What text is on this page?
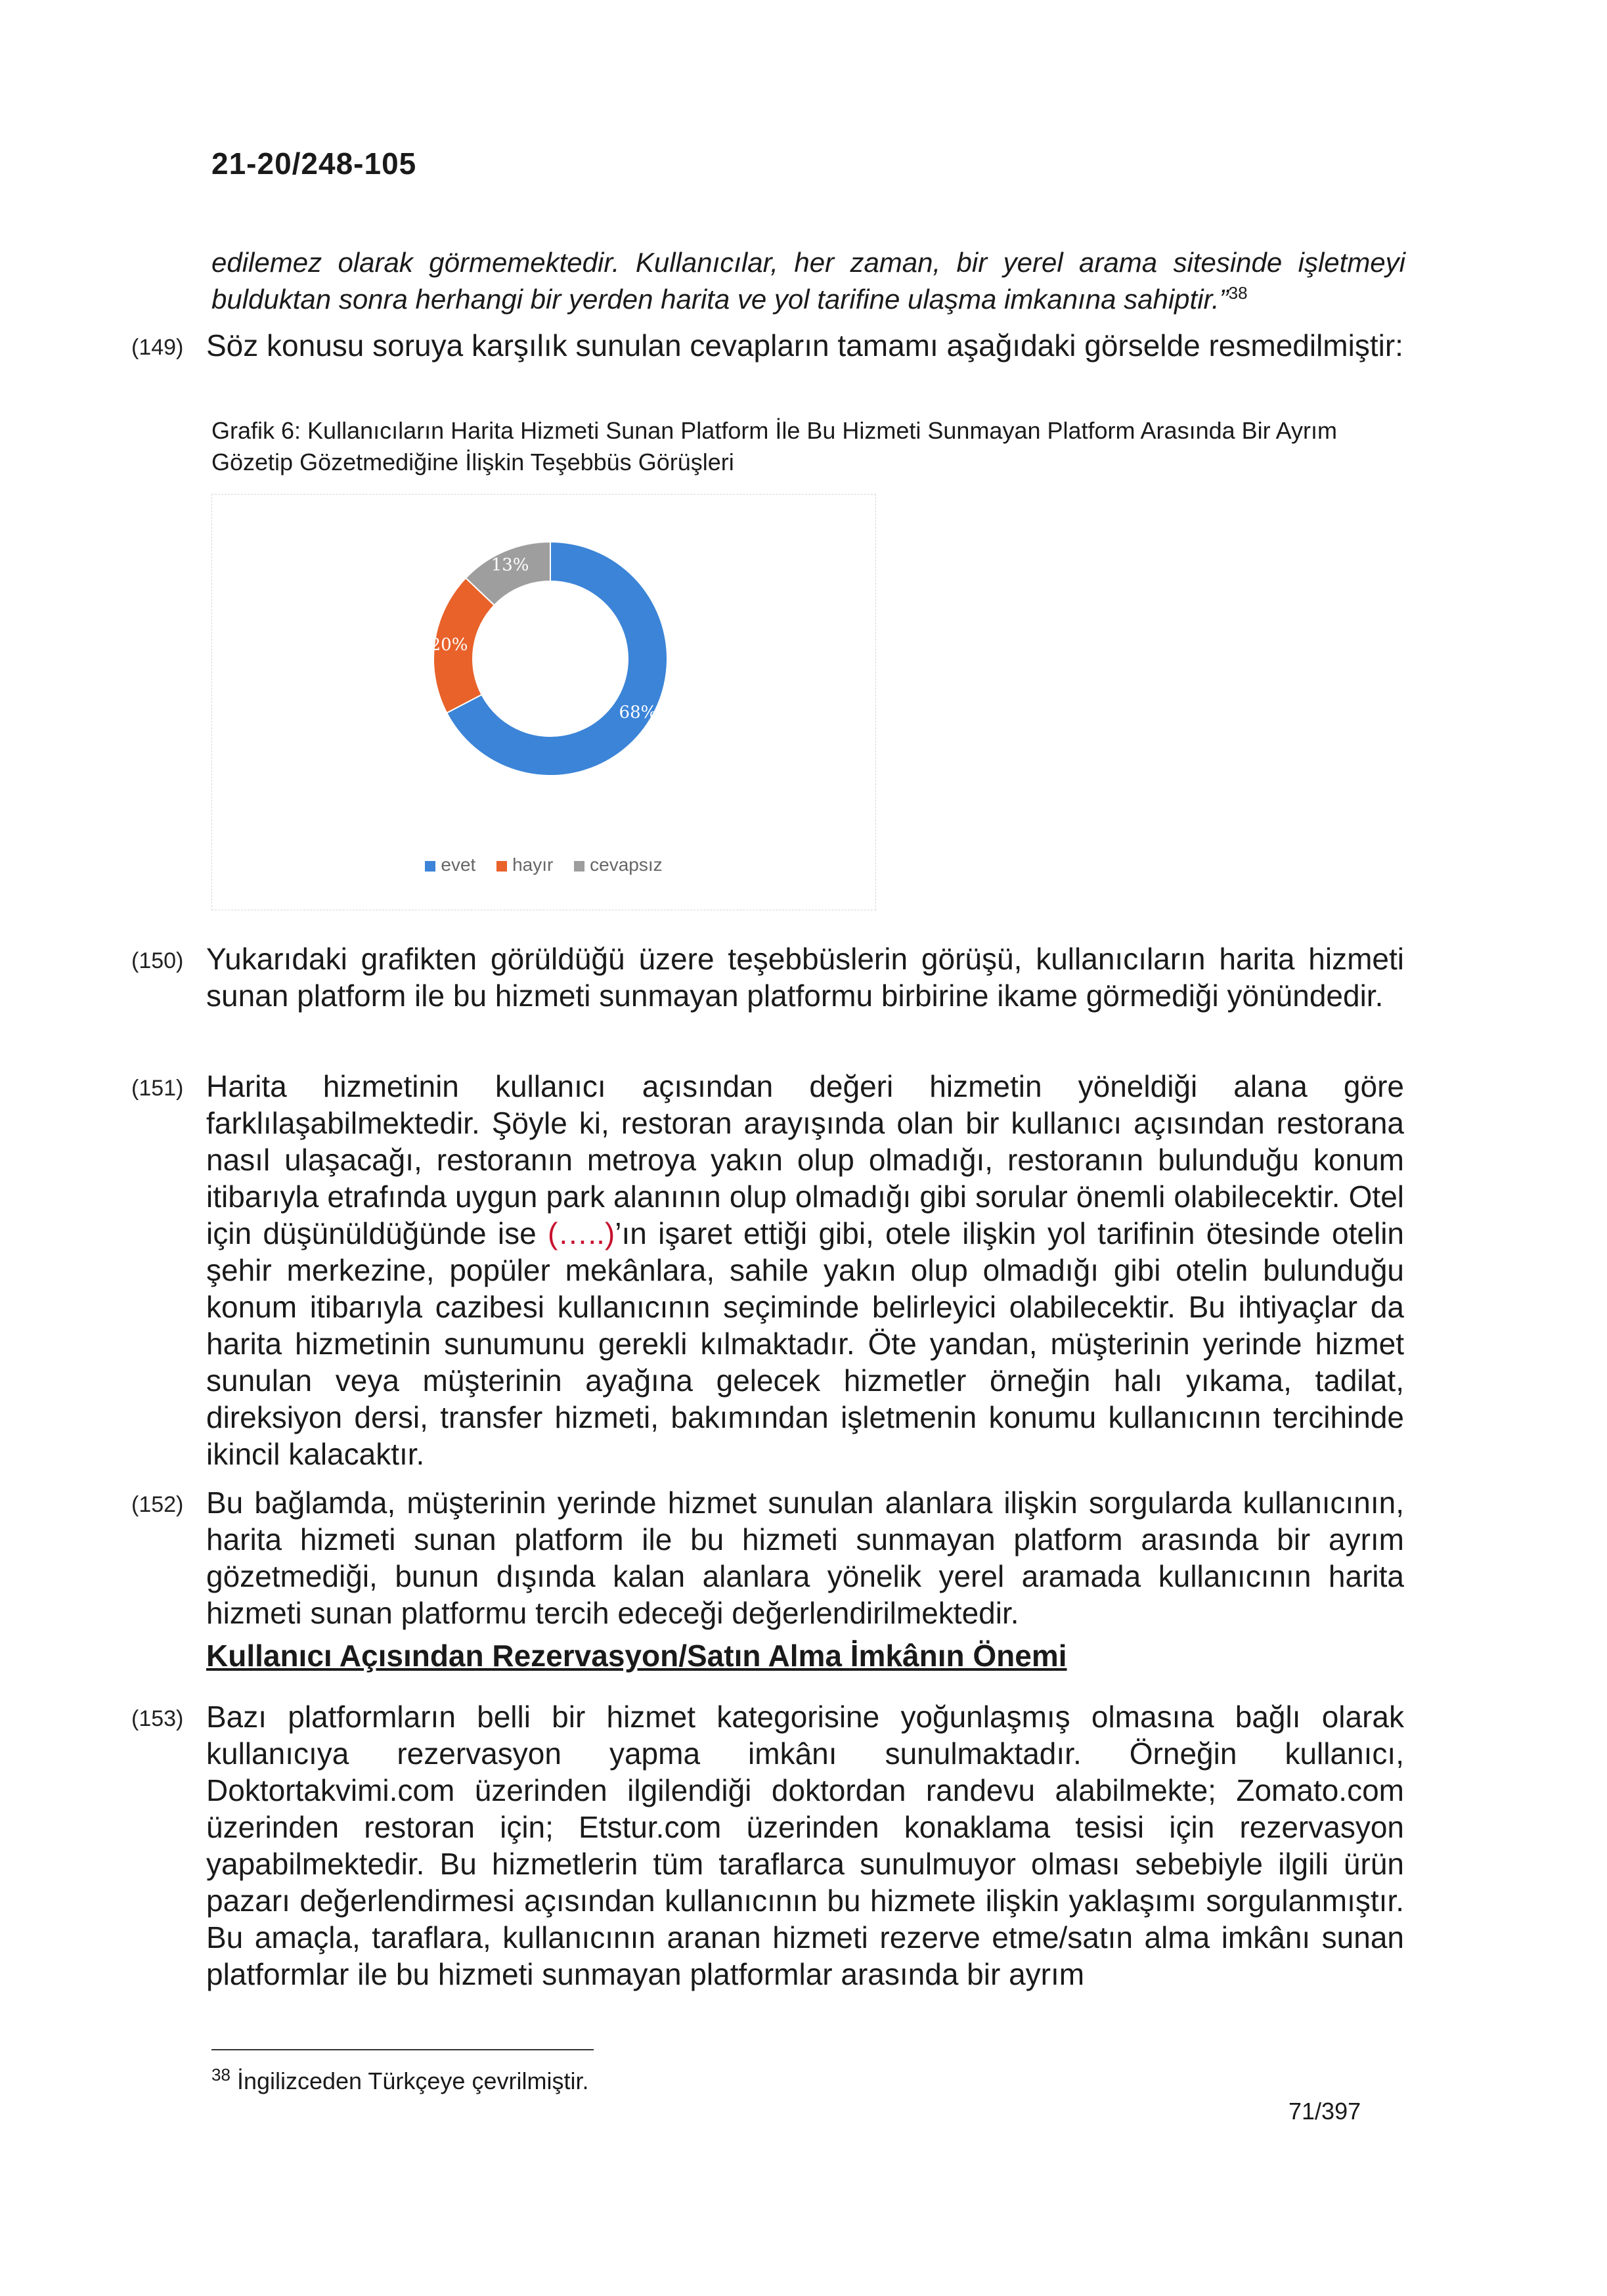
21-20/248-105
edilemez olarak görmemektedir. Kullanıcılar, her zaman, bir yerel arama sitesinde işletmeyi bulduktan sonra herhangi bir yerden harita ve yol tarifine ulaşma imkanına sahiptir.”$^{38}$
(149) Söz konusu soruya karşılık sunulan cevapların tamamı aşağıdaki görselde resmedilmiştir:
Grafik 6: Kullanıcıların Harita Hizmeti Sunan Platform İle Bu Hizmeti Sunmayan Platform Arasında Bir Ayrım Gözetip Gözetmediğine İlişkin Teşebbüs Görüşleri
68%
20%
13%
evet hayır cevapsız
(150) Yukarıdaki grafikten görüldüğü üzere teşebbüslerin görüşü, kullanıcıların harita hizmeti sunan platform ile bu hizmeti sunmayan platformu birbirine ikame görmediği yönündedir.
(151) Harita hizmetinin kullanıcı açısından değeri hizmetin yöneldiği alana göre farklılaşabilmektedir. Şöyle ki, restoran arayışında olan bir kullanıcı açısından restorana nasıl ulaşacağı, restoranın metroya yakın olup olmadığı, restoranın bulunduğu konum itibarıyla etrafında uygun park alanının olup olmadığı gibi sorular önemli olabilecektir. Otel için düşünüldüğünde ise (…..)’ın işaret ettiği gibi, otele ilişkin yol tarifinin ötesinde otelin şehir merkezine, popüler mekânlara, sahile yakın olup olmadığı gibi otelin bulunduğu konum itibarıyla cazibesi kullanıcının seçiminde belirleyici olabilecektir. Bu ihtiyaçlar da harita hizmetinin sunumunu gerekli kılmaktadır. Öte yandan, müşterinin yerinde hizmet sunulan veya müşterinin ayağına gelecek hizmetler örneğin halı yıkama, tadilat, direksiyon dersi, transfer hizmeti, bakımından işletmenin konumu kullanıcının tercihinde ikincil kalacaktır.
(152) Bu bağlamda, müşterinin yerinde hizmet sunulan alanlara ilişkin sorgularda kullanıcının, harita hizmeti sunan platform ile bu hizmeti sunmayan platform arasında bir ayrım gözetmediği, bunun dışında kalan alanlara yönelik yerel aramada kullanıcının harita hizmeti sunan platformu tercih edeceği değerlendirilmektedir.
Kullanıcı Açısından Rezervasyon/Satın Alma İmkânın Önemi
(153) Bazı platformların belli bir hizmet kategorisine yoğunlaşmış olmasına bağlı olarak kullanıcıya rezervasyon yapma imkânı sunulmaktadır. Örneğin kullanıcı, Doktortakvimi.com üzerinden ilgilendiği doktordan randevu alabilmekte; Zomato.com üzerinden restoran için; Etstur.com üzerinden konaklama tesisi için rezervasyon yapabilmektedir. Bu hizmetlerin tüm taraflarca sunulmuyor olması sebebiyle ilgili ürün pazarı değerlendirmesi açısından kullanıcının bu hizmete ilişkin yaklaşımı sorgulanmıştır. Bu amaçla, taraflara, kullanıcının aranan hizmeti rezerve etme/satın alma imkânı sunan platformlar ile bu hizmeti sunmayan platformlar arasında bir ayrım
$^{38}$ İngilizceden Türkçeye çevrilmiştir.
71/397
